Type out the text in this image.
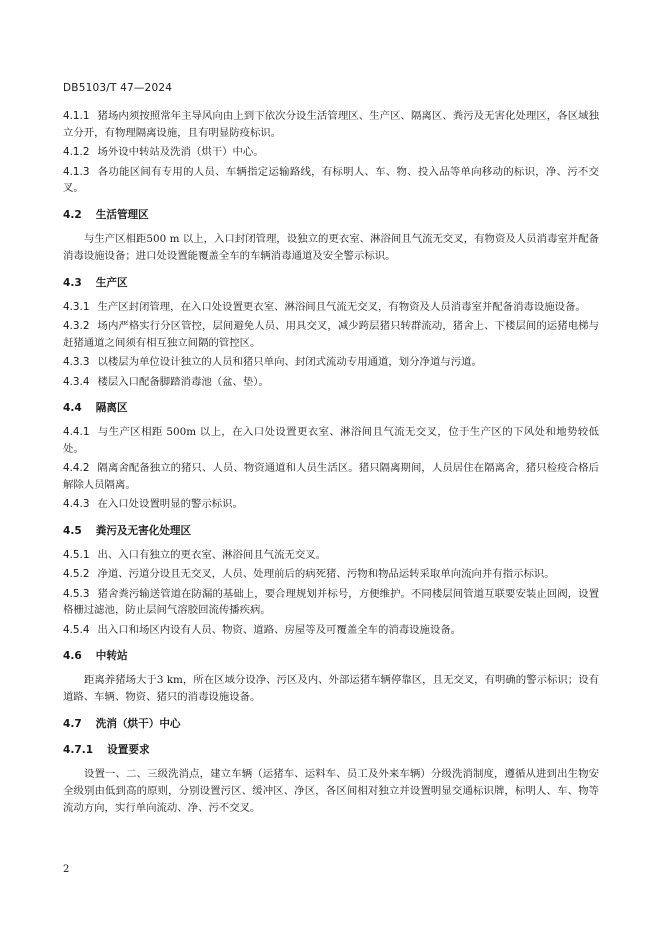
DB5103/T 47—2024
4.1.1 猪场内须按照常年主导风向由上到下依次分设生活管理区、生产区、隔离区、粪污及无害化处理区，各区域独立分开，有物理隔离设施，且有明显防疫标识。
4.1.2 场外设中转站及洗消（烘干）中心。
4.1.3 各功能区间有专用的人员、车辆指定运输路线，有标明人、车、物、投入品等单向移动的标识，净、污不交叉。
4.2 生活管理区
与生产区相距500 m 以上，入口封闭管理，设独立的更衣室、淋浴间且气流无交叉，有物资及人员消毒室并配备消毒设施设备；进口处设置能覆盖全车的车辆消毒通道及安全警示标识。
4.3 生产区
4.3.1 生产区封闭管理，在入口处设置更衣室、淋浴间且气流无交叉，有物资及人员消毒室并配备消毒设施设备。
4.3.2 场内严格实行分区管控，层间避免人员、用具交叉，减少跨层猪只转群流动，猪舍上、下楼层间的运猪电梯与赶猪通道之间须有相互独立间隔的管控区。
4.3.3 以楼层为单位设计独立的人员和猪只单向、封闭式流动专用通道，划分净道与污道。
4.3.4 楼层入口配备脚踏消毒池（盆、垫）。
4.4 隔离区
4.4.1 与生产区相距 500m 以上，在入口处设置更衣室、淋浴间且气流无交叉，位于生产区的下风处和地势较低处。
4.4.2 隔离舍配备独立的猪只、人员、物资通道和人员生活区。猪只隔离期间，人员居住在隔离舍，猪只检疫合格后解除人员隔离。
4.4.3 在入口处设置明显的警示标识。
4.5 粪污及无害化处理区
4.5.1 出、入口有独立的更衣室、淋浴间且气流无交叉。
4.5.2 净道、污道分设且无交叉，人员、处理前后的病死猪、污物和物品运转采取单向流向并有指示标识。
4.5.3 猪舍粪污输送管道在防漏的基础上，要合理规划并标号，方便维护。不同楼层间管道互联要安装止回阀，设置格栅过滤池，防止层间气溶胶回流传播疾病。
4.5.4 出入口和场区内设有人员、物资、道路、房屋等及可覆盖全车的消毒设施设备。
4.6 中转站
距离养猪场大于3 km，所在区域分设净、污区及内、外部运猪车辆停靠区，且无交叉，有明确的警示标识；设有道路、车辆、物资、猪只的消毒设施设备。
4.7 洗消（烘干）中心
4.7.1 设置要求
设置一、二、三级洗消点，建立车辆（运猪车、运料车、员工及外来车辆）分级洗消制度，遵循从进到出生物安全级别由低到高的原则，分别设置污区、缓冲区、净区，各区间相对独立并设置明显交通标识牌，标明人、车、物等流动方向，实行单向流动、净、污不交叉。
2
